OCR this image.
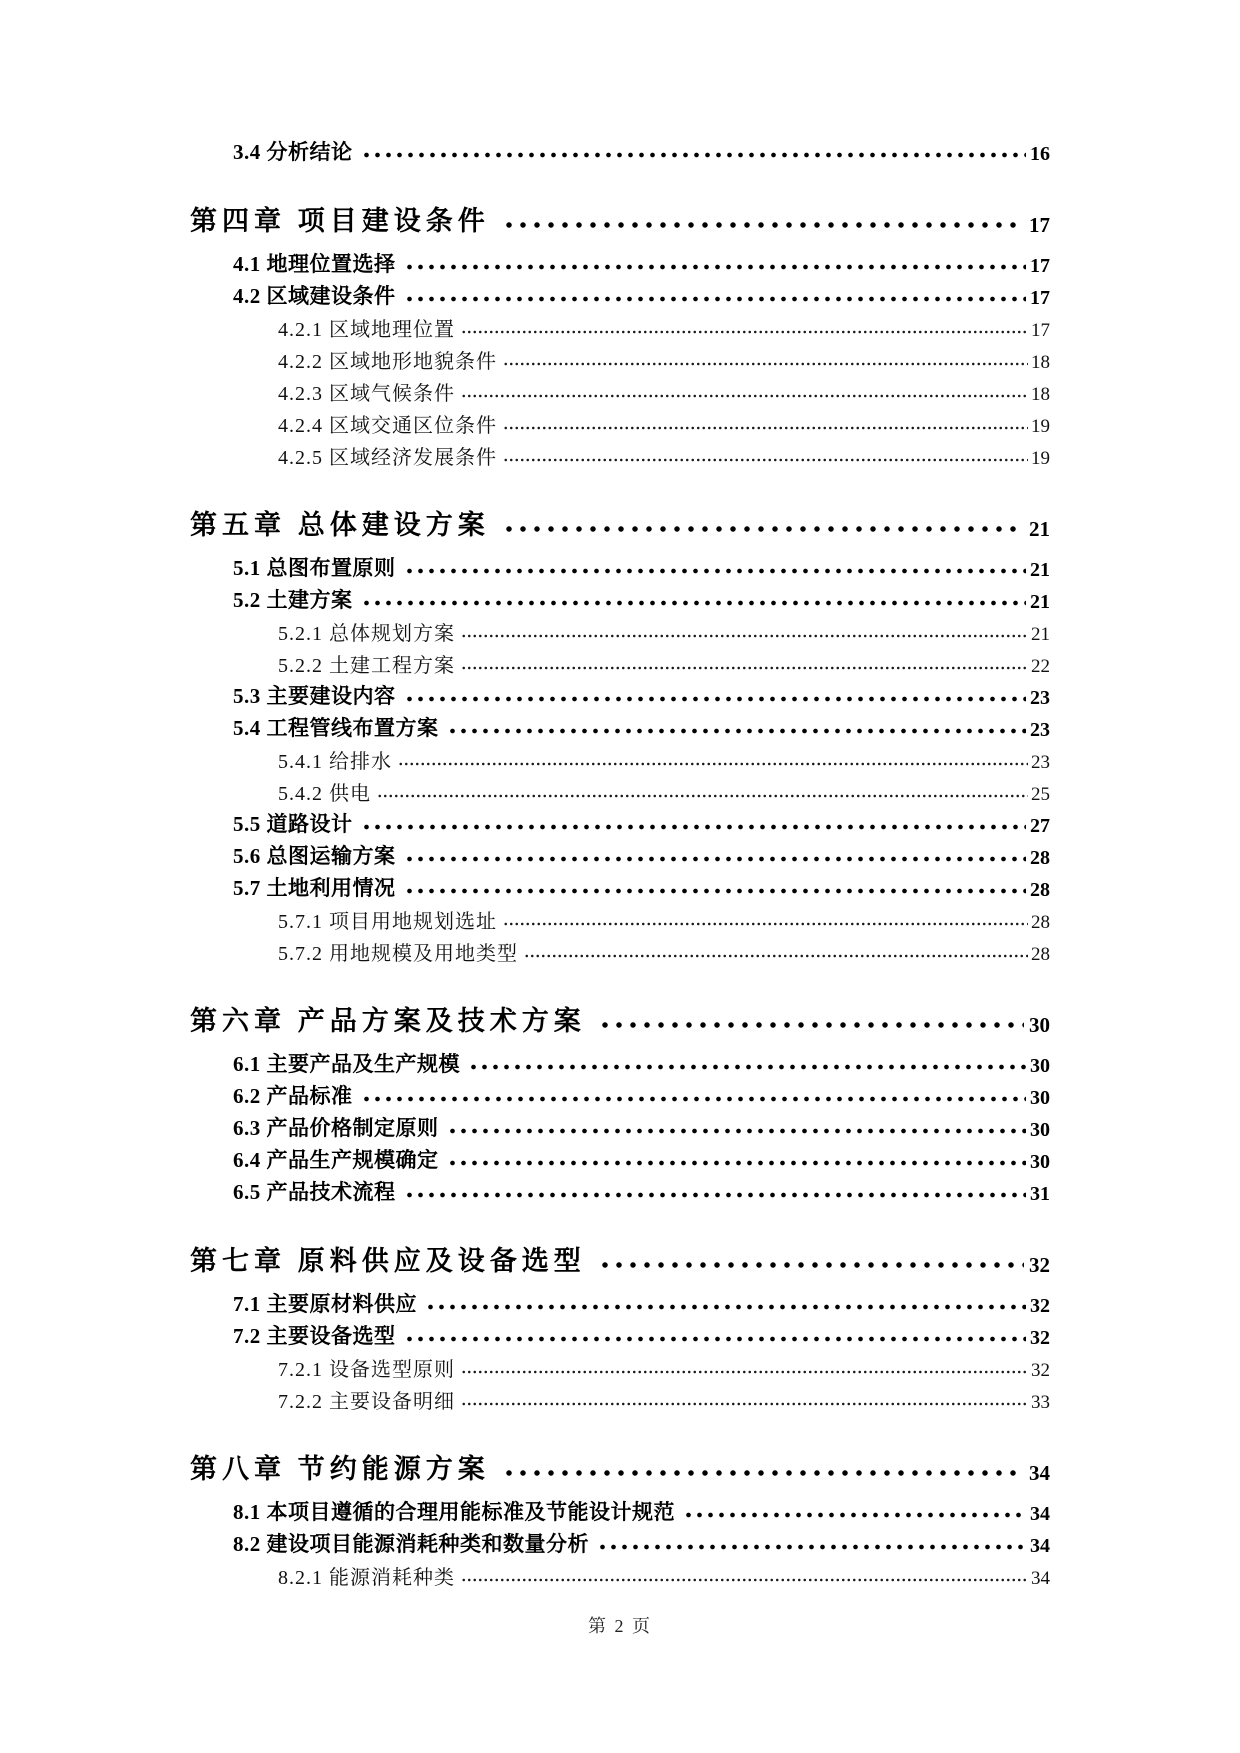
3.4 分析结论	16
第四章 项目建设条件	17
4.1 地理位置选择	17
4.2 区域建设条件	17
4.2.1 区域地理位置	17
4.2.2 区域地形地貌条件	18
4.2.3 区域气候条件	18
4.2.4 区域交通区位条件	19
4.2.5 区域经济发展条件	19
第五章 总体建设方案	21
5.1 总图布置原则	21
5.2 土建方案	21
5.2.1 总体规划方案	21
5.2.2 土建工程方案	22
5.3 主要建设内容	23
5.4 工程管线布置方案	23
5.4.1 给排水	23
5.4.2 供电	25
5.5 道路设计	27
5.6 总图运输方案	28
5.7 土地利用情况	28
5.7.1 项目用地规划选址	28
5.7.2 用地规模及用地类型	28
第六章 产品方案及技术方案	30
6.1 主要产品及生产规模	30
6.2 产品标准	30
6.3 产品价格制定原则	30
6.4 产品生产规模确定	30
6.5 产品技术流程	31
第七章 原料供应及设备选型	32
7.1 主要原材料供应	32
7.2 主要设备选型	32
7.2.1 设备选型原则	32
7.2.2 主要设备明细	33
第八章 节约能源方案	34
8.1 本项目遵循的合理用能标准及节能设计规范	34
8.2 建设项目能源消耗种类和数量分析	34
8.2.1 能源消耗种类	34
第 2 页
